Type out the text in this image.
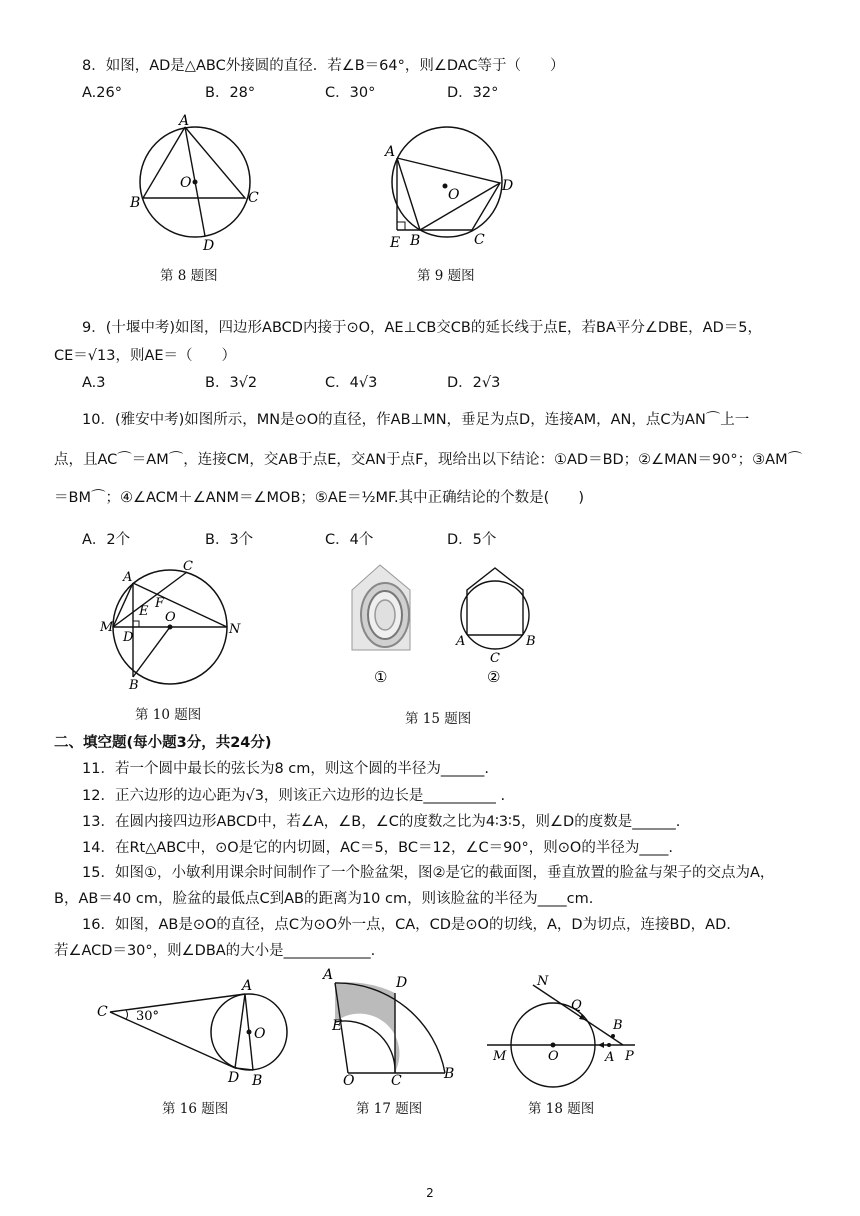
8．如图，AD是△ABC外接圆的直径．若∠B＝64°，则∠DAC等于（　　）
A.26°	B．28°	C．30°	D．32°
A
O
B	C
D
第 8 题图
A
O
D
E B	C
第 9 题图
9．(十堰中考)如图，四边形ABCD内接于⊙O，AE⊥CB交CB的延长线于点E，若BA平分∠DBE，AD＝5，
CE＝√13，则AE＝（　　）
A.3	B．3√2	C．4√3	D．2√3
10．(雅安中考)如图所示，MN是⊙O的直径，作AB⊥MN，垂足为点D，连接AM，AN，点C为AN⌒上一
点，且AC⌒＝AM⌒，连接CM，交AB于点E，交AN于点F，现给出以下结论：①AD＝BD；②∠MAN＝90°；③AM⌒
＝BM⌒；④∠ACM＋∠ANM＝∠MOB；⑤AE＝½MF.其中正确结论的个数是(　　)
A．2个	B．3个	C．4个	D．5个
A
C
E
F
O
M
D
N
B
第 10 题图
①
A	B
C
②
第 15 题图
二、填空题(每小题3分，共24分)
11．若一个圆中最长的弦长为8 cm，则这个圆的半径为______.
12．正六边形的边心距为√3，则该正六边形的边长是__________ .
13．在圆内接四边形ABCD中，若∠A，∠B，∠C的度数之比为4∶3∶5，则∠D的度数是______.
14．在Rt△ABC中，⊙O是它的内切圆，AC＝5，BC＝12，∠C＝90°，则⊙O的半径为____.
15．如图①，小敏利用课余时间制作了一个脸盆架，图②是它的截面图，垂直放置的脸盆与架子的交点为A，
B，AB＝40 cm，脸盆的最低点C到AB的距离为10 cm，则该脸盆的半径为____cm.
16．如图，AB是⊙O的直径，点C为⊙O外一点，CA，CD是⊙O的切线，A，D为切点，连接BD，AD.
若∠ACD＝30°，则∠DBA的大小是____________.
C 30°
A
O
D B
第 16 题图
A	D
E
O	C	B
第 17 题图
N
Q
B
M	O	A P
第 18 题图
2
